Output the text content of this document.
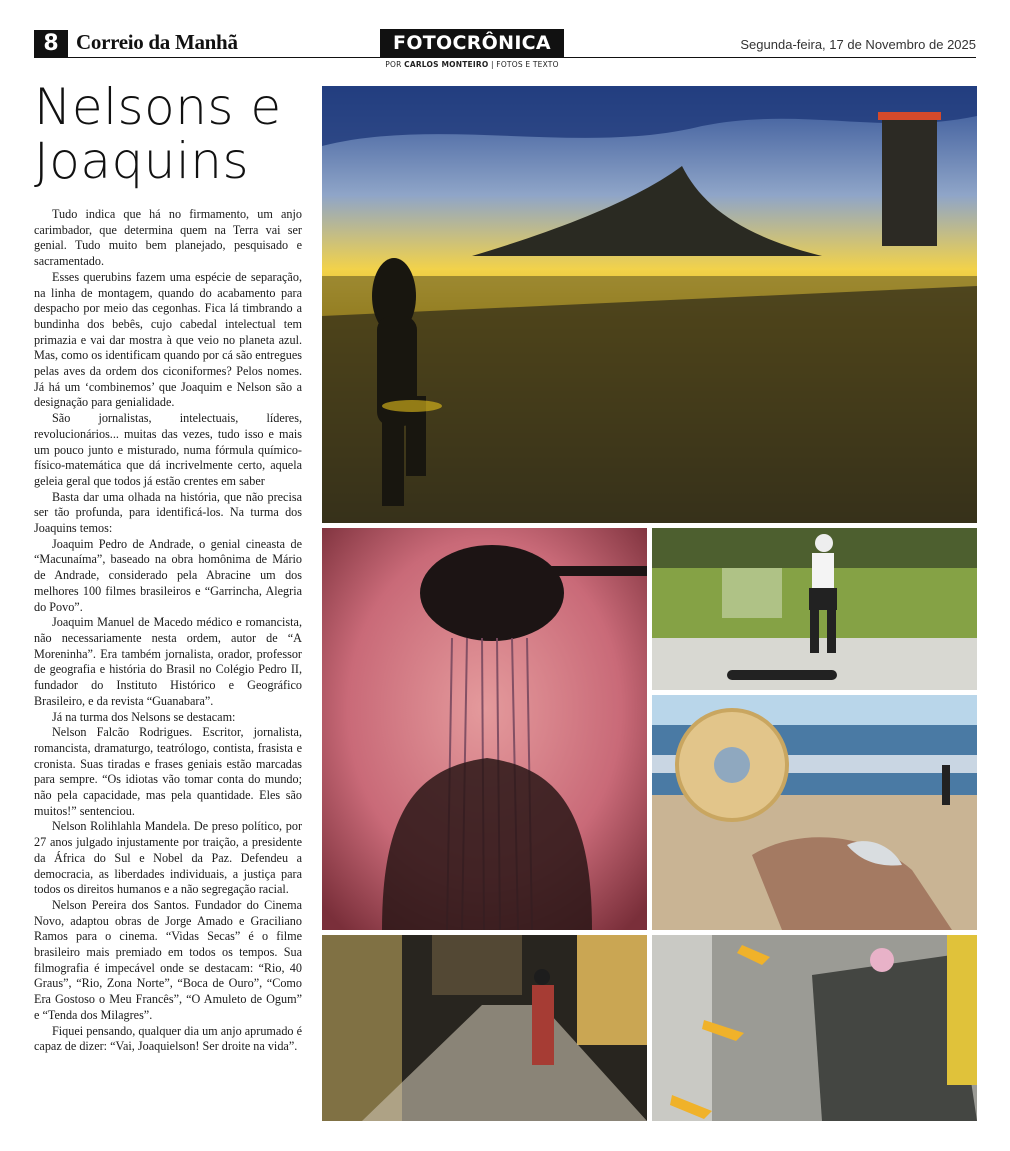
8 Correio da Manhã	FOTOCRÔNICA
POR CARLOS MONTEIRO | FOTOS E TEXTO
Segunda-feira, 17 de Novembro de 2025
Nelsons e
Joaquins

Tudo indica que há no firmamento, um anjo carimbador, que determina quem na Terra vai ser genial. Tudo muito bem planejado, pesquisado e sacramentado.

Esses querubins fazem uma espécie de separação, na linha de montagem, quando do acabamento para despacho por meio das cegonhas. Fica lá timbrando a bundinha dos bebês, cujo cabedal intelectual tem primazia e vai dar mostra à que veio no planeta azul. Mas, como os identificam quando por cá são entregues pelas aves da ordem dos ciconiformes? Pelos nomes. Já há um ‘combinemos’ que Joaquim e Nelson são a designação para genialidade.

São jornalistas, intelectuais, líderes, revolucionários... muitas das vezes, tudo isso e mais um pouco junto e misturado, numa fórmula químico-físico-matemática que dá incrivelmente certo, aquela geleia geral que todos já estão crentes em saber

Basta dar uma olhada na história, que não precisa ser tão profunda, para identificá-los. Na turma dos Joaquins temos:

Joaquim Pedro de Andrade, o genial cineasta de “Macunaíma”, baseado na obra homônima de Mário de Andrade, considerado pela Abracine um dos melhores 100 filmes brasileiros e “Garrincha, Alegria do Povo”.

Joaquim Manuel de Macedo médico e romancista, não necessariamente nesta ordem, autor de “A Moreninha”. Era também jornalista, orador, professor de geografia e história do Brasil no Colégio Pedro II, fundador do Instituto Histórico e Geográfico Brasileiro, e da revista “Guanabara”.

Já na turma dos Nelsons se destacam:

Nelson Falcão Rodrigues. Escritor, jornalista, romancista, dramaturgo, teatrólogo, contista, frasista e cronista. Suas tiradas e frases geniais estão marcadas para sempre. “Os idiotas vão tomar conta do mundo; não pela capacidade, mas pela quantidade. Eles são muitos!” sentenciou.

Nelson Rolihlahla Mandela. De preso político, por 27 anos julgado injustamente por traição, a presidente da África do Sul e Nobel da Paz. Defendeu a democracia, as liberdades individuais, a justiça para todos os direitos humanos e a não segregação racial.

Nelson Pereira dos Santos. Fundador do Cinema Novo, adaptou obras de Jorge Amado e Graciliano Ramos para o cinema. “Vidas Secas” é o filme brasileiro mais premiado em todos os tempos. Sua filmografia é impecável onde se destacam: “Rio, 40 Graus”, “Rio, Zona Norte”, “Boca de Ouro”, “Como Era Gostoso o Meu Francês”, “O Amuleto de Ogum” e “Tenda dos Milagres”.

Fiquei pensando, qualquer dia um anjo aprumado é capaz de dizer: “Vai, Joaquielson! Ser droite na vida”.
